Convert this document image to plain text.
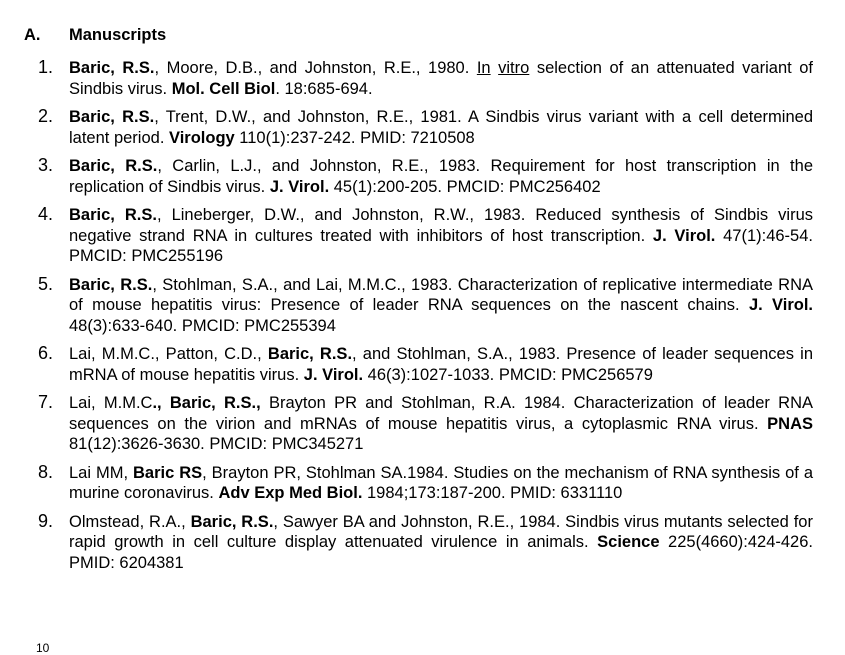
A. Manuscripts
1. Baric, R.S., Moore, D.B., and Johnston, R.E., 1980. In vitro selection of an attenuated variant of Sindbis virus. Mol. Cell Biol. 18:685-694.
2. Baric, R.S., Trent, D.W., and Johnston, R.E., 1981. A Sindbis virus variant with a cell determined latent period. Virology 110(1):237-242. PMID: 7210508
3. Baric, R.S., Carlin, L.J., and Johnston, R.E., 1983. Requirement for host transcription in the replication of Sindbis virus. J. Virol. 45(1):200-205. PMCID: PMC256402
4. Baric, R.S., Lineberger, D.W., and Johnston, R.W., 1983. Reduced synthesis of Sindbis virus negative strand RNA in cultures treated with inhibitors of host transcription. J. Virol. 47(1):46-54. PMCID: PMC255196
5. Baric, R.S., Stohlman, S.A., and Lai, M.M.C., 1983. Characterization of replicative intermediate RNA of mouse hepatitis virus: Presence of leader RNA sequences on the nascent chains. J. Virol. 48(3):633-640. PMCID: PMC255394
6. Lai, M.M.C., Patton, C.D., Baric, R.S., and Stohlman, S.A., 1983. Presence of leader sequences in mRNA of mouse hepatitis virus. J. Virol. 46(3):1027-1033. PMCID: PMC256579
7. Lai, M.M.C., Baric, R.S., Brayton PR and Stohlman, R.A. 1984. Characterization of leader RNA sequences on the virion and mRNAs of mouse hepatitis virus, a cytoplasmic RNA virus. PNAS 81(12):3626-3630. PMCID: PMC345271
8. Lai MM, Baric RS, Brayton PR, Stohlman SA.1984. Studies on the mechanism of RNA synthesis of a murine coronavirus. Adv Exp Med Biol. 1984;173:187-200. PMID: 6331110
9. Olmstead, R.A., Baric, R.S., Sawyer BA and Johnston, R.E., 1984. Sindbis virus mutants selected for rapid growth in cell culture display attenuated virulence in animals. Science 225(4660):424-426. PMID: 6204381
10
